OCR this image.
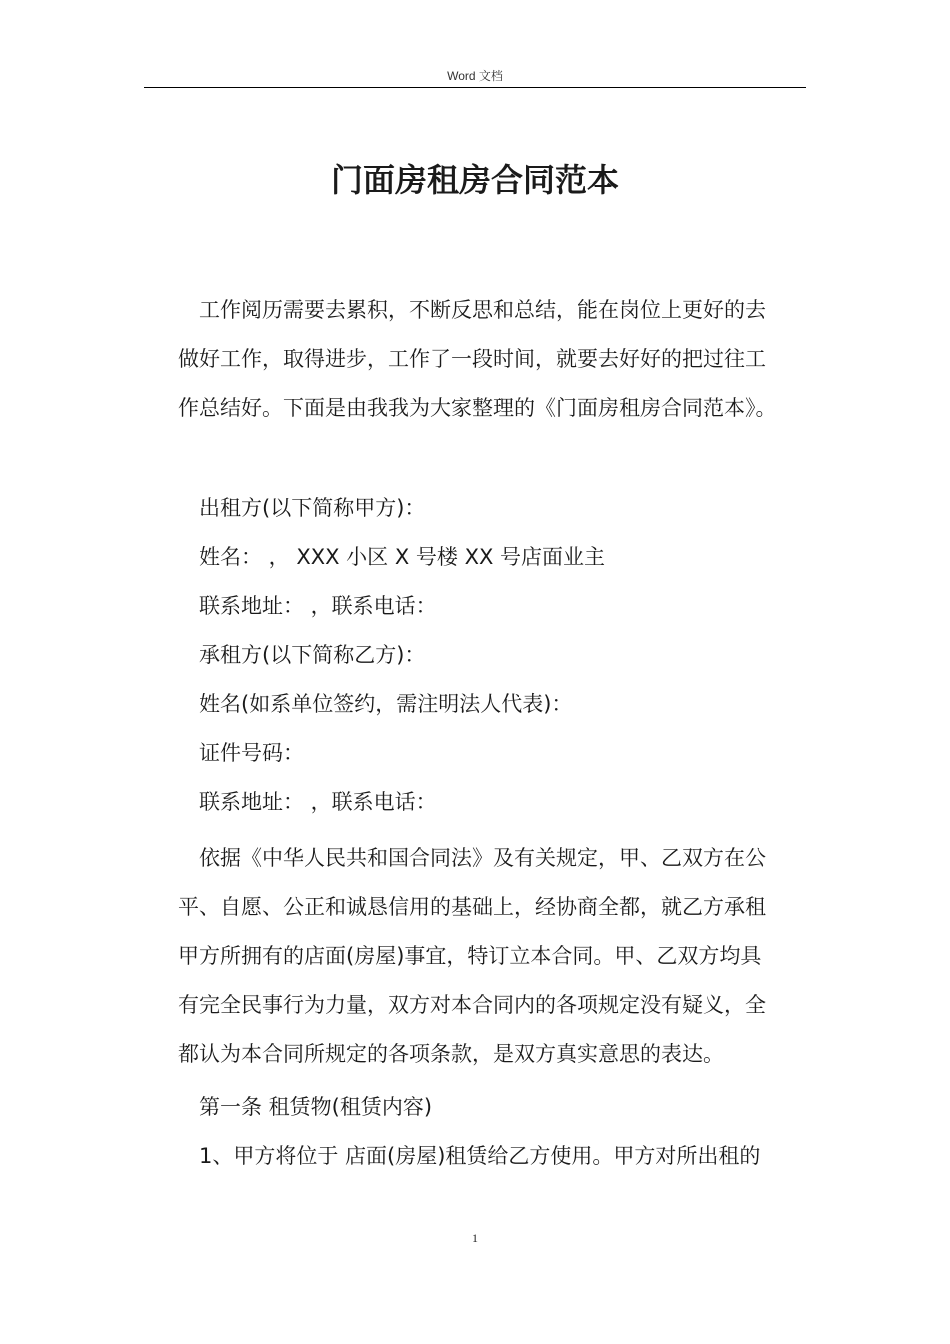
Word 文档
门面房租房合同范本
工作阅历需要去累积，不断反思和总结，能在岗位上更好的去
做好工作，取得进步，工作了一段时间，就要去好好的把过往工
作总结好。下面是由我我为大家整理的《门面房租房合同范本》。
出租方(以下简称甲方)：
姓名： ， XXX 小区 X 号楼 XX 号店面业主
联系地址： ，联系电话：
承租方(以下简称乙方)：
姓名(如系单位签约，需注明法人代表)：
证件号码：
联系地址： ，联系电话：
依据《中华人民共和国合同法》及有关规定，甲、乙双方在公
平、自愿、公正和诚恳信用的基础上，经协商全都，就乙方承租
甲方所拥有的店面(房屋)事宜，特订立本合同。甲、乙双方均具
有完全民事行为力量，双方对本合同内的各项规定没有疑义，全
都认为本合同所规定的各项条款，是双方真实意思的表达。
第一条 租赁物(租赁内容)
1、甲方将位于 店面(房屋)租赁给乙方使用。甲方对所出租的
1
